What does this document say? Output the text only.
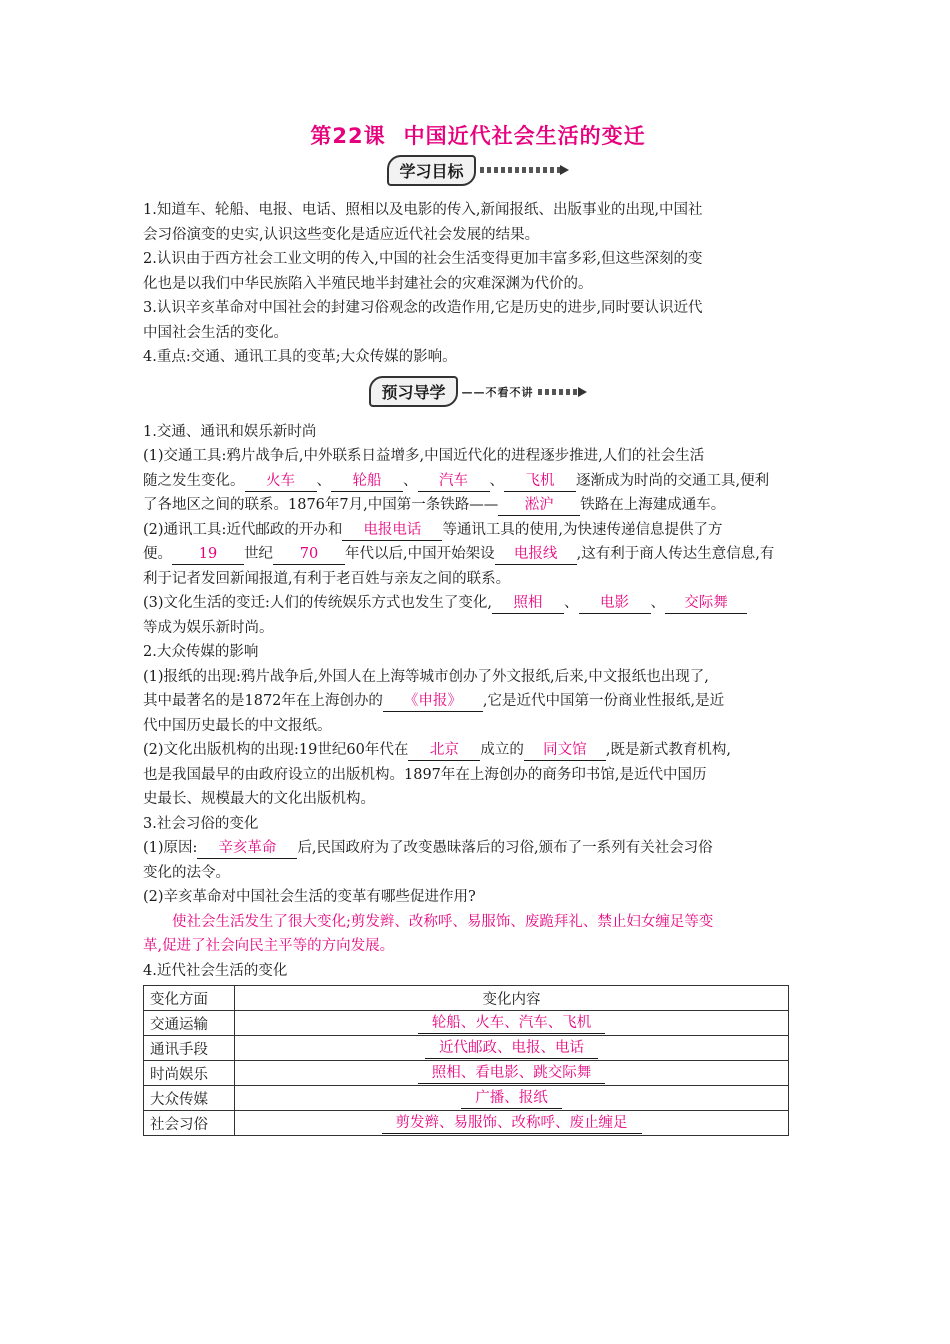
第22课 中国近代社会生活的变迁
学习目标

1.知道车、轮船、电报、电话、照相以及电影的传入,新闻报纸、出版事业的出现,中国社

会习俗演变的史实,认识这些变化是适应近代社会发展的结果。

2.认识由于西方社会工业文明的传入,中国的社会生活变得更加丰富多彩,但这些深刻的变

化也是以我们中华民族陷入半殖民地半封建社会的灾难深渊为代价的。

3.认识辛亥革命对中国社会的封建习俗观念的改造作用,它是历史的进步,同时要认识近代

中国社会生活的变化。

4.重点:交通、通讯工具的变革;大众传媒的影响。

预习导学	——不看不讲

1.交通、通讯和娱乐新时尚

(1)交通工具:鸦片战争后,中外联系日益增多,中国近代化的进程逐步推进,人们的社会生活

随之发生变化。 火车 、 轮船 、 汽车 、 飞机 逐渐成为时尚的交通工具,便利

了各地区之间的联系。1876年7月,中国第一条铁路—— 淞沪 铁路在上海建成通车。

(2)通讯工具:近代邮政的开办和 电报电话 等通讯工具的使用,为快速传递信息提供了方

便。 19 世纪 70 年代以后,中国开始架设 电报线 ,这有利于商人传达生意信息,有

利于记者发回新闻报道,有利于老百姓与亲友之间的联系。

(3)文化生活的变迁:人们的传统娱乐方式也发生了变化, 照相 、 电影 、 交际舞

等成为娱乐新时尚。

2.大众传媒的影响

(1)报纸的出现:鸦片战争后,外国人在上海等城市创办了外文报纸,后来,中文报纸也出现了,

其中最著名的是1872年在上海创办的 《申报》 ,它是近代中国第一份商业性报纸,是近

代中国历史最长的中文报纸。

(2)文化出版机构的出现:19世纪60年代在 北京 成立的 同文馆 ,既是新式教育机构,

也是我国最早的由政府设立的出版机构。1897年在上海创办的商务印书馆,是近代中国历

史最长、规模最大的文化出版机构。

3.社会习俗的变化

(1)原因: 辛亥革命 后,民国政府为了改变愚昧落后的习俗,颁布了一系列有关社会习俗

变化的法令。

(2)辛亥革命对中国社会生活的变革有哪些促进作用?

使社会生活发生了很大变化;剪发辫、改称呼、易服饰、废跪拜礼、禁止妇女缠足等变

革,促进了社会向民主平等的方向发展。

4.近代社会生活的变化

变化方面	变化内容
交通运输	轮船、火车、汽车、飞机
通讯手段	近代邮政、电报、电话
时尚娱乐	照相、看电影、跳交际舞
大众传媒	广播、报纸
社会习俗	剪发辫、易服饰、改称呼、废止缠足
